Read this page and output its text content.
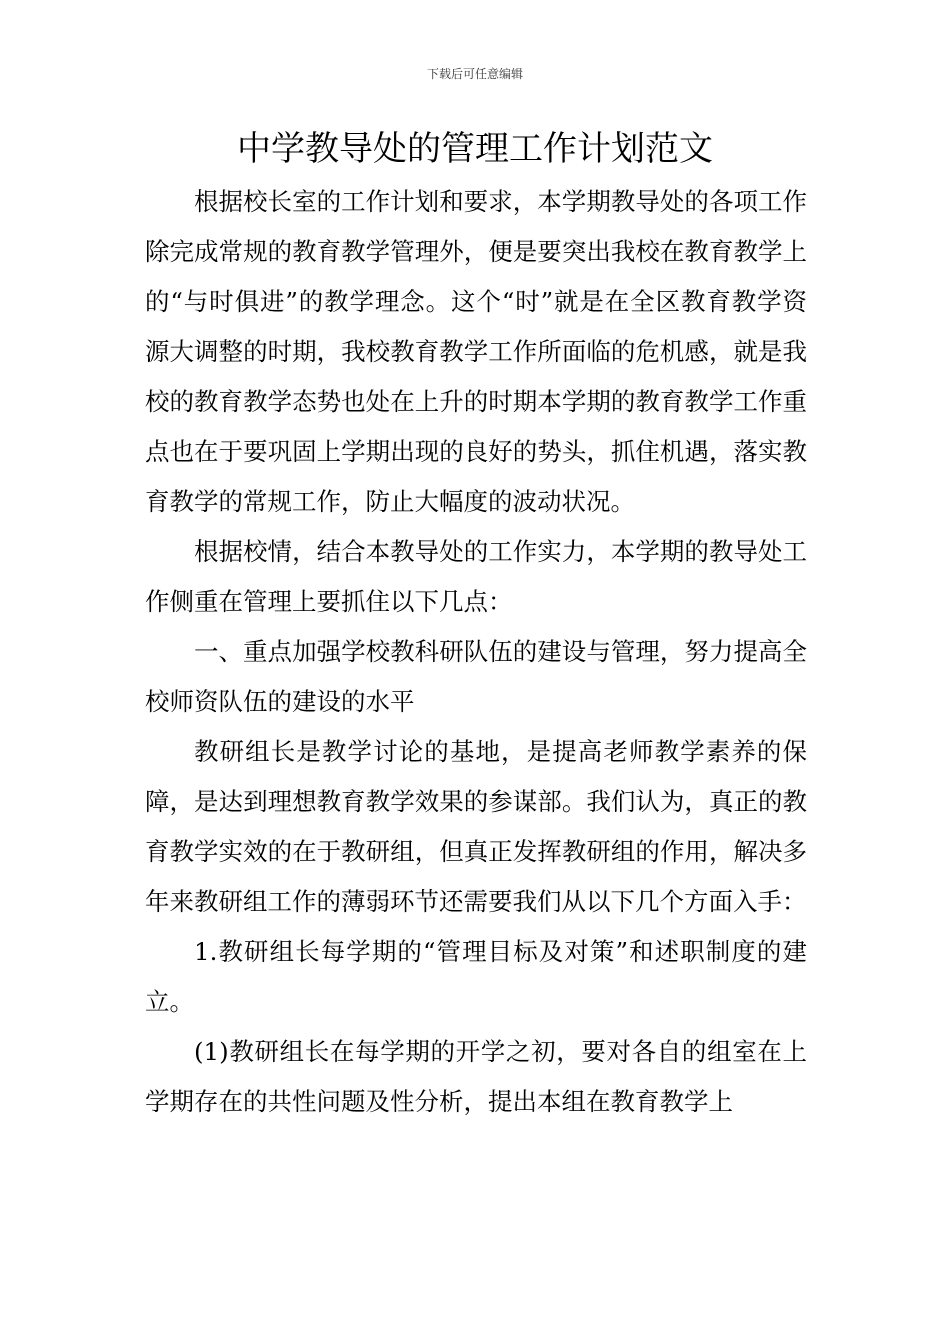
下载后可任意编辑
中学教导处的管理工作计划范文

根据校长室的工作计划和要求，本学期教导处的各项工作除完成常规的教育教学管理外，便是要突出我校在教育教学上的“与时俱进”的教学理念。这个“时”就是在全区教育教学资源大调整的时期，我校教育教学工作所面临的危机感，就是我校的教育教学态势也处在上升的时期本学期的教育教学工作重点也在于要巩固上学期出现的良好的势头，抓住机遇，落实教育教学的常规工作，防止大幅度的波动状况。

根据校情，结合本教导处的工作实力，本学期的教导处工作侧重在管理上要抓住以下几点：

一、重点加强学校教科研队伍的建设与管理，努力提高全校师资队伍的建设的水平

教研组长是教学讨论的基地，是提高老师教学素养的保障，是达到理想教育教学效果的参谋部。我们认为，真正的教育教学实效的在于教研组，但真正发挥教研组的作用，解决多年来教研组工作的薄弱环节还需要我们从以下几个方面入手：

1.教研组长每学期的“管理目标及对策”和述职制度的建立。

(1)教研组长在每学期的开学之初，要对各自的组室在上学期存在的共性问题及性分析，提出本组在教育教学上
